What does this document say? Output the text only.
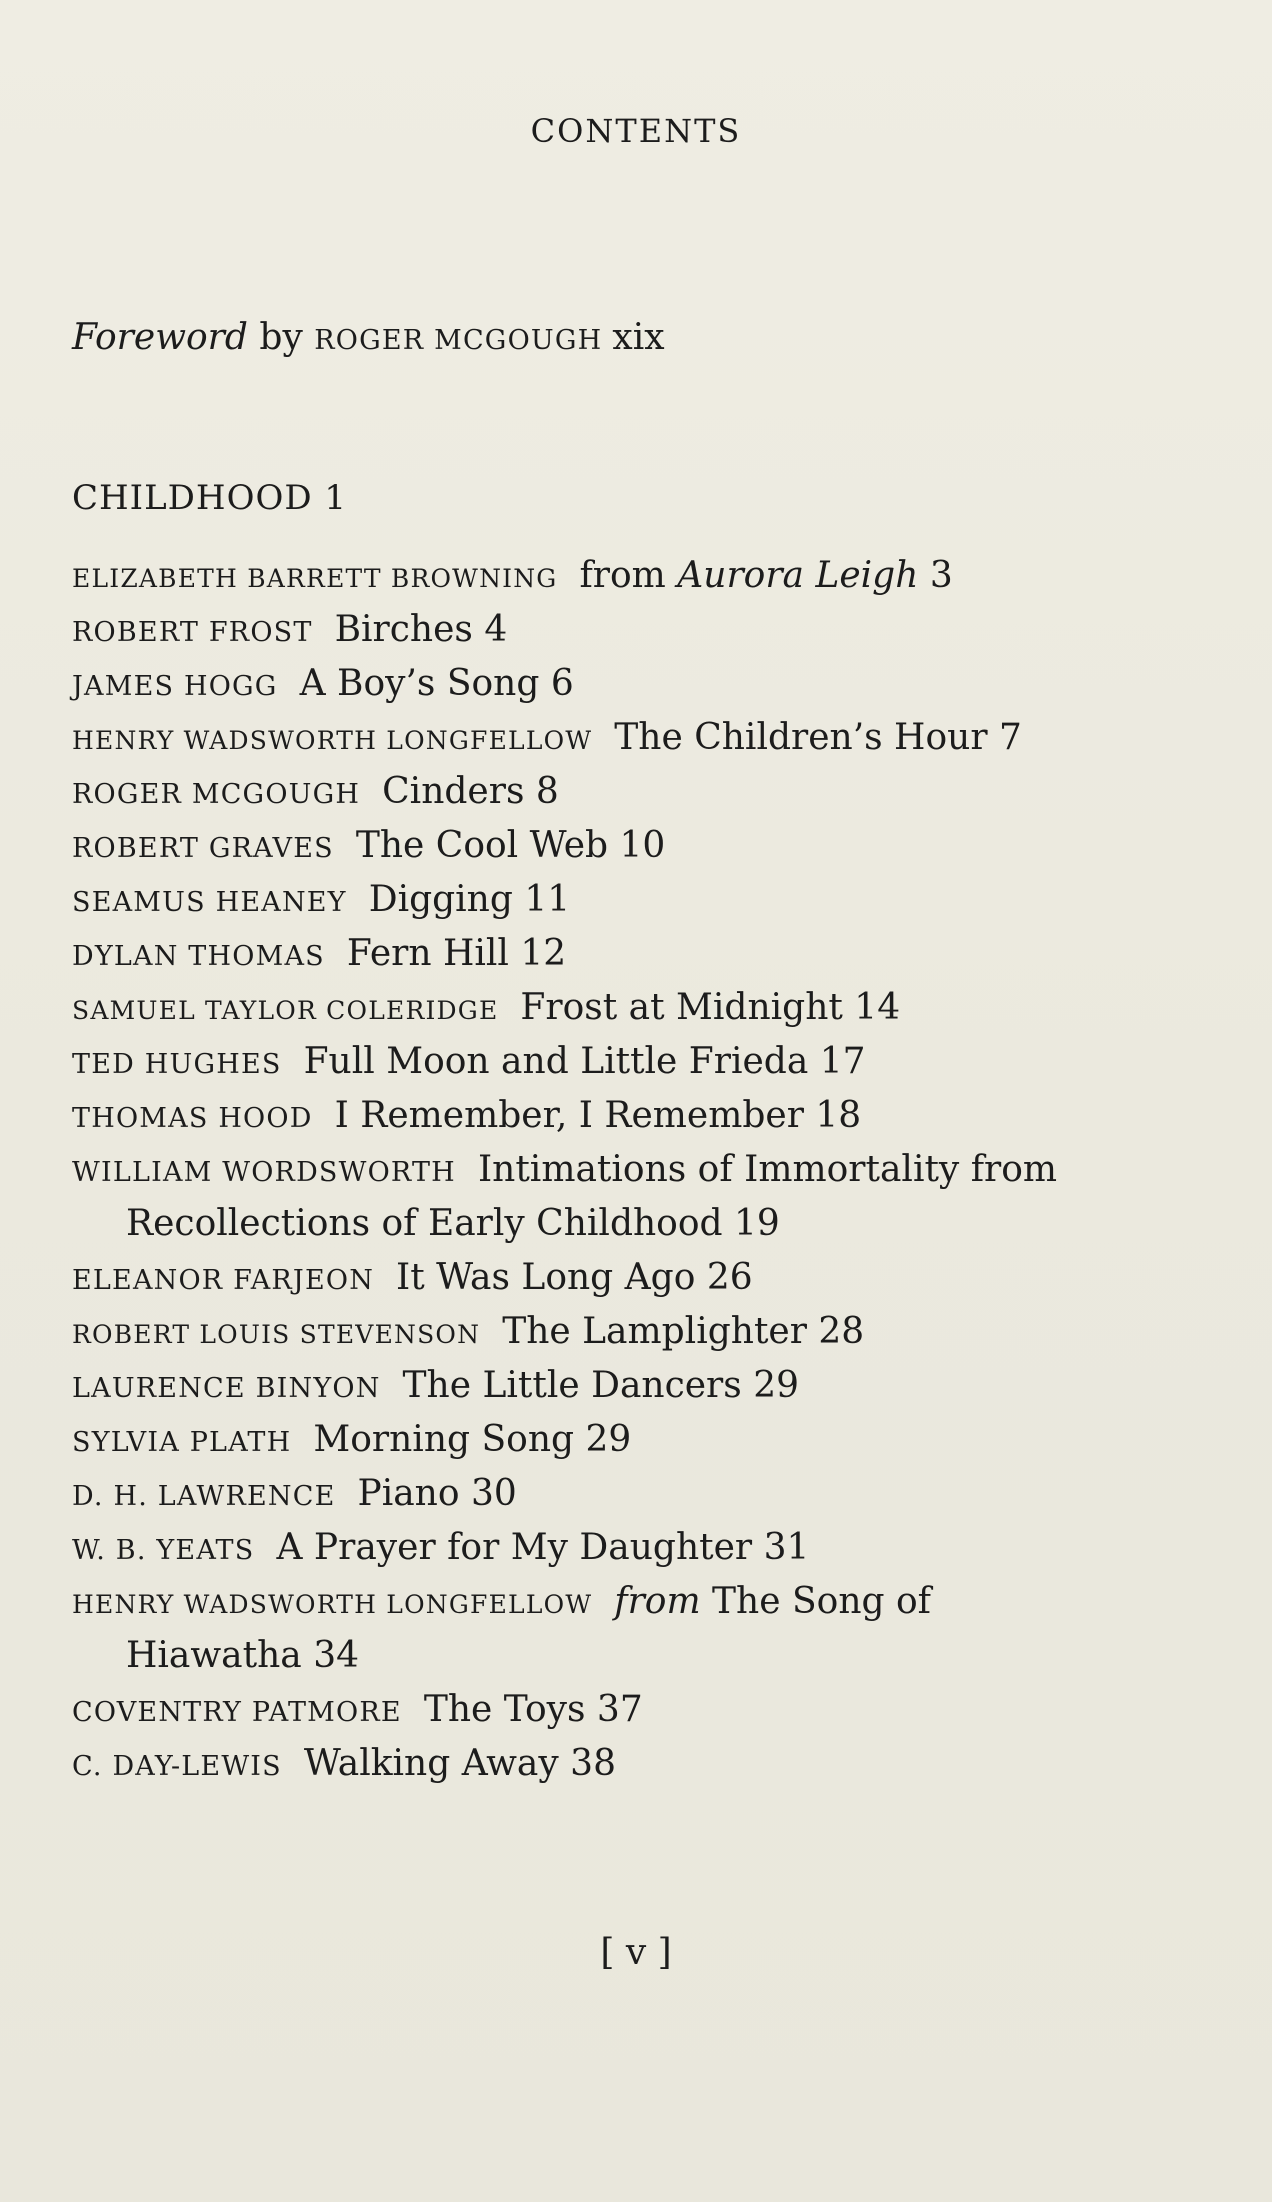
CONTENTS
Foreword by ROGER MCGOUGH xix
CHILDHOOD 1
ELIZABETH BARRETT BROWNING from Aurora Leigh 3
ROBERT FROST Birches 4
JAMES HOGG A Boy’s Song 6
HENRY WADSWORTH LONGFELLOW The Children’s Hour 7
ROGER MCGOUGH Cinders 8
ROBERT GRAVES The Cool Web 10
SEAMUS HEANEY Digging 11
DYLAN THOMAS Fern Hill 12
SAMUEL TAYLOR COLERIDGE Frost at Midnight 14
TED HUGHES Full Moon and Little Frieda 17
THOMAS HOOD I Remember, I Remember 18
WILLIAM WORDSWORTH Intimations of Immortality from
Recollections of Early Childhood 19
ELEANOR FARJEON It Was Long Ago 26
ROBERT LOUIS STEVENSON The Lamplighter 28
LAURENCE BINYON The Little Dancers 29
SYLVIA PLATH Morning Song 29
D. H. LAWRENCE Piano 30
W. B. YEATS A Prayer for My Daughter 31
HENRY WADSWORTH LONGFELLOW from The Song of
Hiawatha 34
COVENTRY PATMORE The Toys 37
C. DAY-LEWIS Walking Away 38
[ v ]
